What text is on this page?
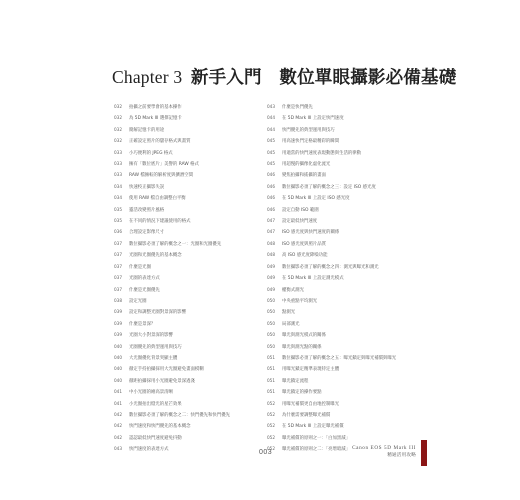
Chapter 3 新手入門　數位單眼攝影必備基礎
032 拍攝之前要學會的基本操作
032 為 5D Mark III 選擇記憶卡
032 簡解記憶卡的用途
032 正確設定照片的儲存格式與畫質
033 小巧便利的 JPEG 格式
033 擁有「數位底片」美譽的 RAW 格式
033 RAW 檔擁較的解析度與擴潛空間
034 快速校正攝影失誤
034 使用 RAW 檔自由調整白平衡
035 靈活改變照片風格
035 在不同的情況下建議使用的格式
036 合理設定影像尺寸
037 數位攝影必須了解的概念之一：光圈和光圈優先
037 光圈和光圈優先的基本概念
037 什麼是光圈
037 光圈的表達方式
037 什麼是光圈優先
038 設定光圈
039 設定和調整光圈對景深的影響
039 什麼是景深？
039 光圈大小對景深的影響
040 光圈優先的典型運用與技巧
040 大光圈優化背景突顯主體
040 徹定手持拍攝採用大光圈避免畫面模糊
040 徹距拍攝採用小光圈避免景深過淺
041 中小光圈的繪高景清晰
041 小光圈拍出燈光的星芒效果
042 數位攝影必須了解的概念之二：快門優先和快門優先
042 快門速度和快門優先的基本概念
042 認認最低快門速度避免抖動
043 快門速度的表達方式
043 什麼是快門優先
044 在 5D Mark III 上設定快門速度
044 快門優先的典型運用與技巧
045 用高速快門定格最精彩的瞬間
045 用適當的快門速度表現動態與生活的律動
045 用超慢的攝像化虛化流光
046 變焦拍攝和搖攝的畫面
046 數位攝影必須了解的概念之三：設定 ISO 感光度
046 在 5D Mark III 上設定 ISO 感光度
046 設定自動 ISO 範圍
047 設定最低快門速度
047 ISO 感光度與快門速度的關係
048 ISO 感光度與照片品質
048 高 ISO 感光度降噪功能
049 數位攝影必須了解的概念之四：測光與曝光和測光
049 在 5D Mark III 上設定測光模式
049 權衡式測光
050 中央重點平均測光
050 點測光
050 局部測光
050 曝光與測光模式的關係
050 曝光與測光點的關係
051 數位攝影必須了解的概念之五：曝光鎖定與曝光補償與曝光
051 用曝光鎖定精準表現特定主體
051 曝光鎖定流程
051 曝光鎖定的操作要點
052 用曝光補償更自由地控制曝光
052 為什麼需要調整曝光補償
052 在 5D Mark III 上設定曝光補償
052 曝光補償的原則之一：「白加黑減」
052 曝光補償的原則之二：「亮增暗減」
003
Canon EOS 5D Mark III
精通活用攻略
